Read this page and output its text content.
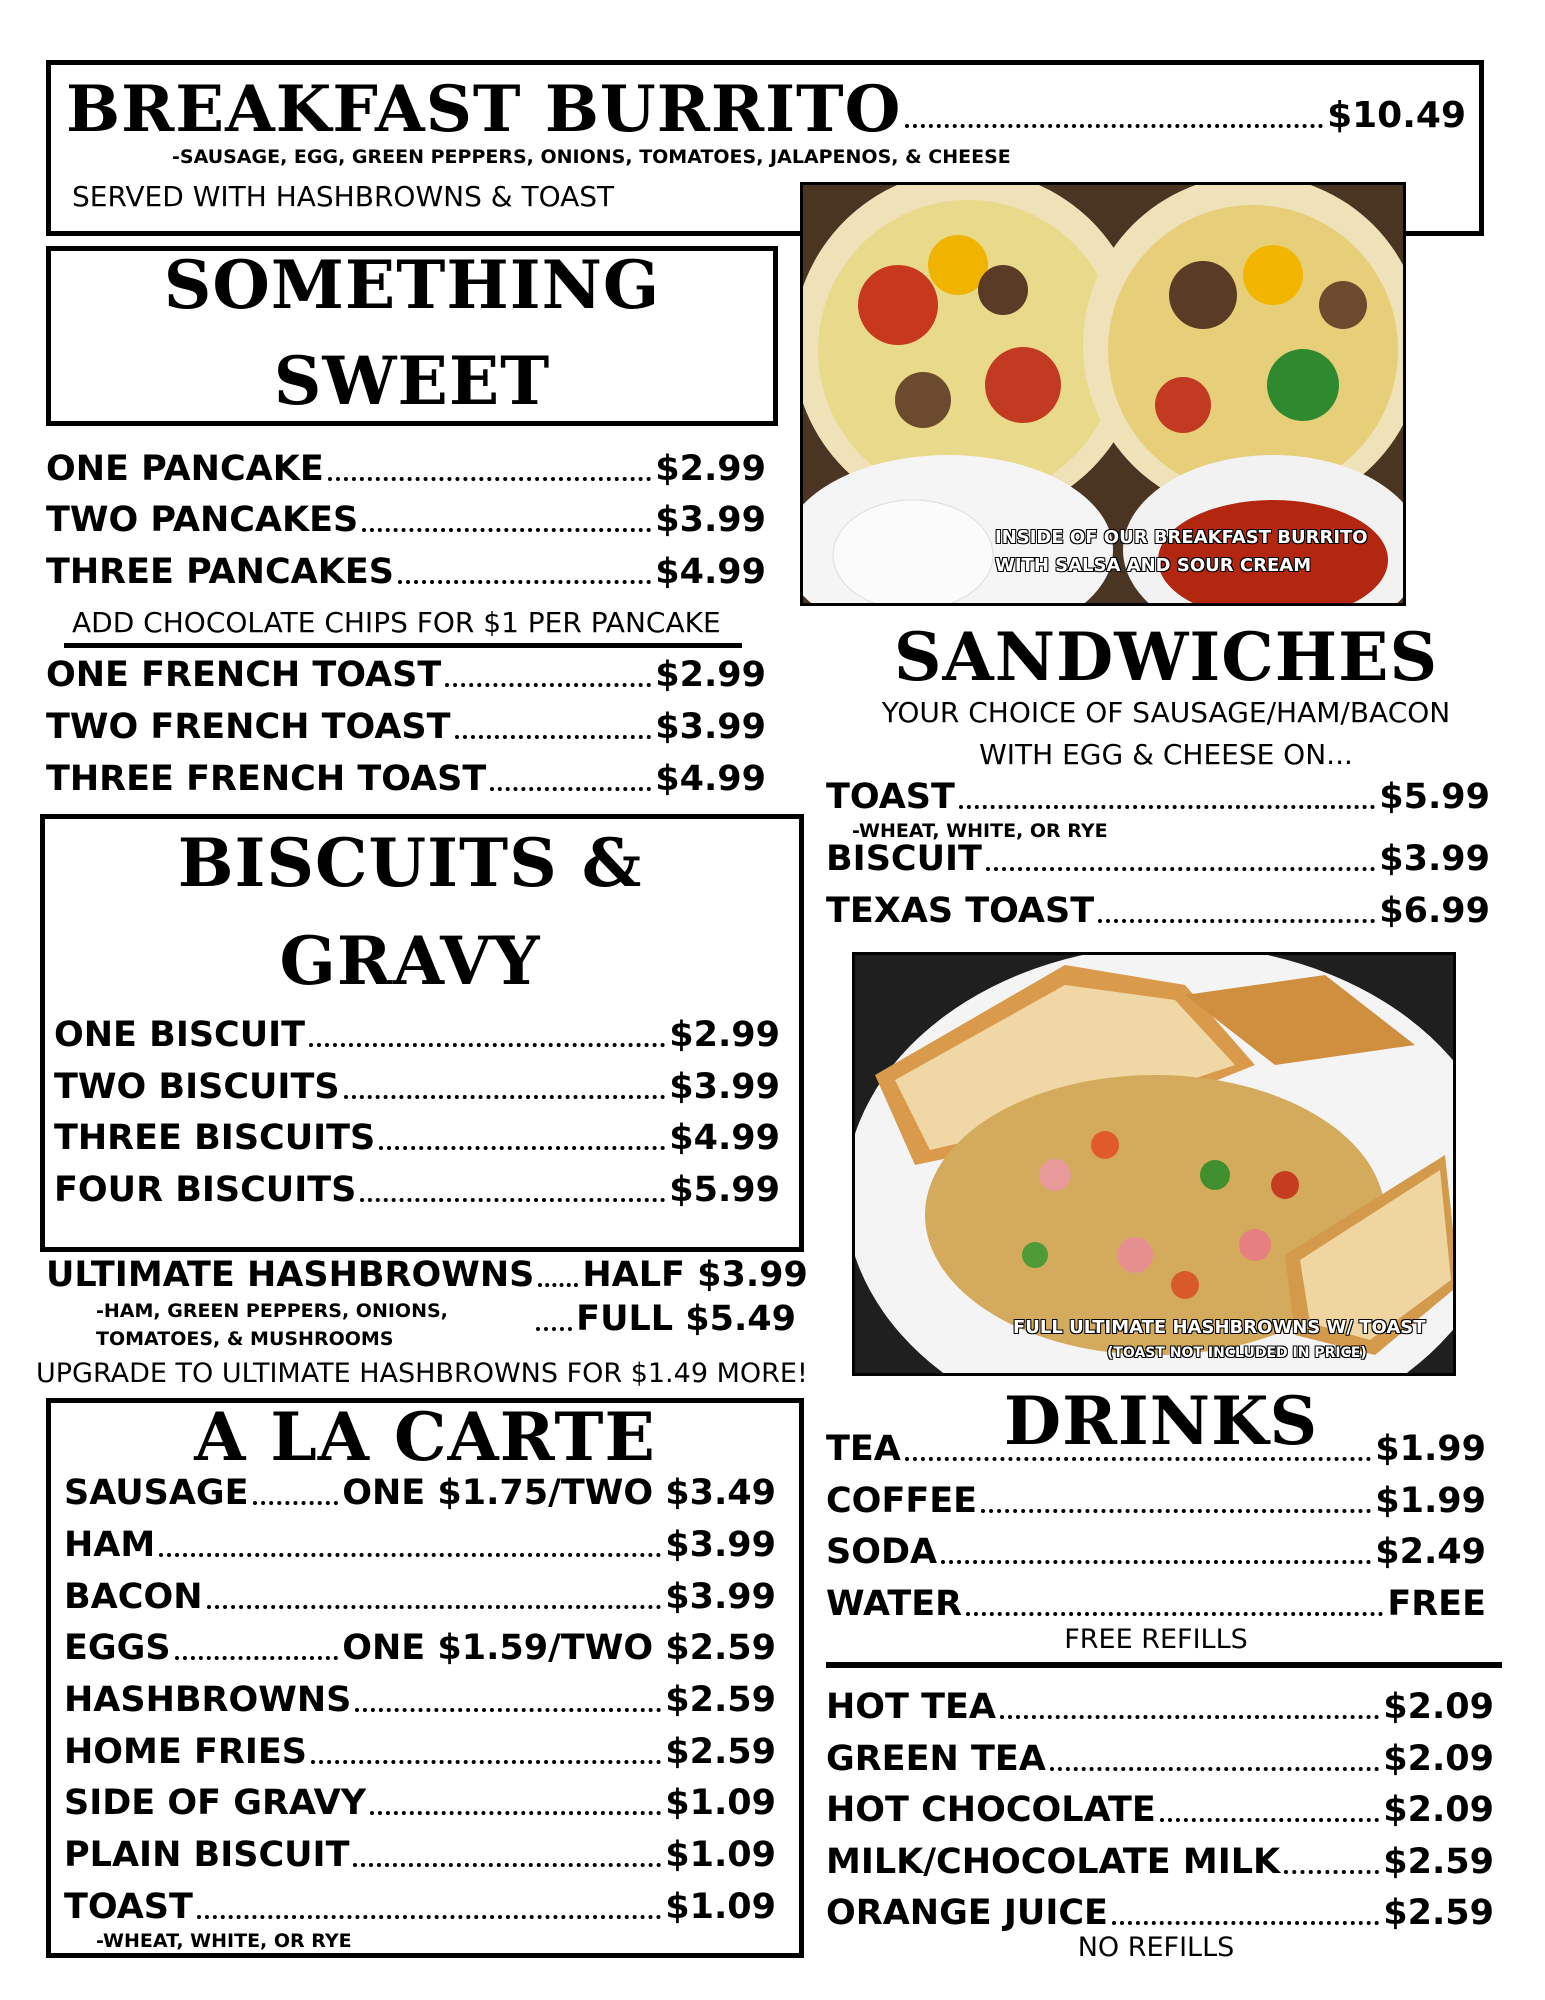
BREAKFAST BURRITO	$10.49
-SAUSAGE, EGG, GREEN PEPPERS, ONIONS, TOMATOES, JALAPENOS, & CHEESE
SERVED WITH HASHBROWNS & TOAST
INSIDE OF OUR BREAKFAST BURRITO
WITH SALSA AND SOUR CREAM
SOMETHING
SWEET
ONE PANCAKE	$2.99
TWO PANCAKES	$3.99
THREE PANCAKES	$4.99
ADD CHOCOLATE CHIPS FOR $1 PER PANCAKE
ONE FRENCH TOAST	$2.99
TWO FRENCH TOAST	$3.99
THREE FRENCH TOAST	$4.99
BISCUITS &
GRAVY
ONE BISCUIT	$2.99
TWO BISCUITS	$3.99
THREE BISCUITS	$4.99
FOUR BISCUITS	$5.99
ULTIMATE HASHBROWNS HALF $3.99
FULL $5.49
-HAM, GREEN PEPPERS, ONIONS,
TOMATOES, & MUSHROOMS
UPGRADE TO ULTIMATE HASHBROWNS FOR $1.49 MORE!
FULL ULTIMATE HASHBROWNS W/ TOAST
(TOAST NOT INCLUDED IN PRICE)
SANDWICHES
YOUR CHOICE OF SAUSAGE/HAM/BACON
WITH EGG & CHEESE ON...
TOAST	$5.99
-WHEAT, WHITE, OR RYE
BISCUIT	$3.99
TEXAS TOAST	$6.99
A LA CARTE
SAUSAGE	ONE $1.75/TWO $3.49
HAM	$3.99
BACON	$3.99
EGGS	ONE $1.59/TWO $2.59
HASHBROWNS	$2.59
HOME FRIES	$2.59
SIDE OF GRAVY	$1.09
PLAIN BISCUIT	$1.09
TOAST	$1.09
-WHEAT, WHITE, OR RYE
DRINKS
TEA	$1.99
COFFEE	$1.99
SODA	$2.49
WATER	FREE
FREE REFILLS
HOT TEA	$2.09
GREEN TEA	$2.09
HOT CHOCOLATE	$2.09
MILK/CHOCOLATE MILK	$2.59
ORANGE JUICE	$2.59
NO REFILLS
